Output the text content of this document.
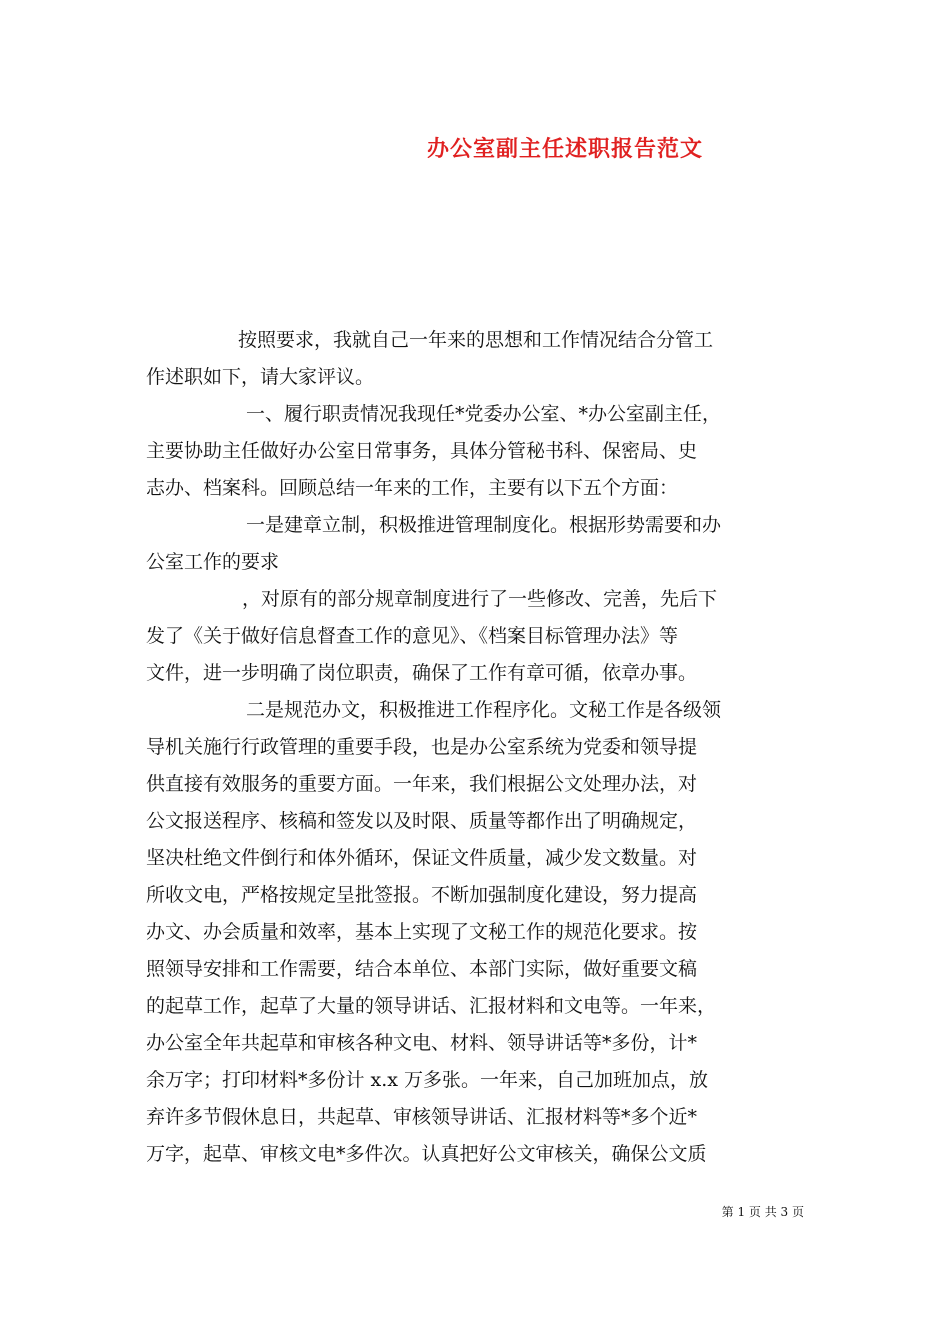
办公室副主任述职报告范文
按照要求，我就自己一年来的思想和工作情况结合分管工
作述职如下，请大家评议。
一、履行职责情况我现任*党委办公室、*办公室副主任，
主要协助主任做好办公室日常事务，具体分管秘书科、保密局、史
志办、档案科。回顾总结一年来的工作，主要有以下五个方面：
一是建章立制，积极推进管理制度化。根据形势需要和办
公室工作的要求
，对原有的部分规章制度进行了一些修改、完善，先后下
发了《关于做好信息督查工作的意见》、《档案目标管理办法》等
文件，进一步明确了岗位职责，确保了工作有章可循，依章办事。
二是规范办文，积极推进工作程序化。文秘工作是各级领
导机关施行行政管理的重要手段，也是办公室系统为党委和领导提
供直接有效服务的重要方面。一年来，我们根据公文处理办法，对
公文报送程序、核稿和签发以及时限、质量等都作出了明确规定，
坚决杜绝文件倒行和体外循环，保证文件质量，减少发文数量。对
所收文电，严格按规定呈批签报。不断加强制度化建设，努力提高
办文、办会质量和效率，基本上实现了文秘工作的规范化要求。按
照领导安排和工作需要，结合本单位、本部门实际，做好重要文稿
的起草工作，起草了大量的领导讲话、汇报材料和文电等。一年来，
办公室全年共起草和审核各种文电、材料、领导讲话等*多份，计*
余万字；打印材料*多份计 x.x 万多张。一年来，自己加班加点，放
弃许多节假休息日，共起草、审核领导讲话、汇报材料等*多个近*
万字，起草、审核文电*多件次。认真把好公文审核关，确保公文质
第 1 页 共 3 页
